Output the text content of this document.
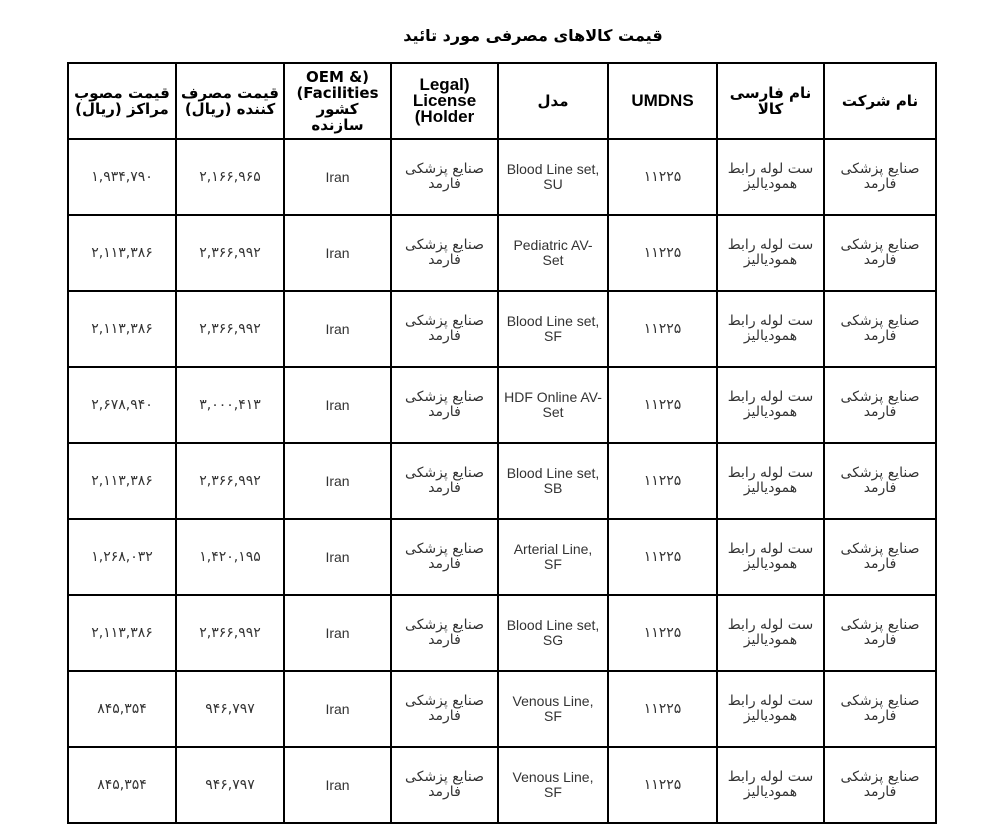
قیمت کالاهای مصرفی مورد تائید
قیمت مصوب مراکز (ریال)	قیمت مصرف کننده (ریال)	OEM &) (Facilities کشور سازنده	Legal) License (Holder	مدل	UMDNS	نام فارسی کالا	نام شرکت
۱,۹۳۴,۷۹۰	۲,۱۶۶,۹۶۵	Iran	صنایع پزشکی فارمد	Blood Line set, SU	۱۱۲۲۵	ست لوله رابط همودیالیز	صنایع پزشکی فارمد
۲,۱۱۳,۳۸۶	۲,۳۶۶,۹۹۲	Iran	صنایع پزشکی فارمد	Pediatric AV-Set	۱۱۲۲۵	ست لوله رابط همودیالیز	صنایع پزشکی فارمد
۲,۱۱۳,۳۸۶	۲,۳۶۶,۹۹۲	Iran	صنایع پزشکی فارمد	Blood Line set, SF	۱۱۲۲۵	ست لوله رابط همودیالیز	صنایع پزشکی فارمد
۲,۶۷۸,۹۴۰	۳,۰۰۰,۴۱۳	Iran	صنایع پزشکی فارمد	HDF Online AV-Set	۱۱۲۲۵	ست لوله رابط همودیالیز	صنایع پزشکی فارمد
۲,۱۱۳,۳۸۶	۲,۳۶۶,۹۹۲	Iran	صنایع پزشکی فارمد	Blood Line set, SB	۱۱۲۲۵	ست لوله رابط همودیالیز	صنایع پزشکی فارمد
۱,۲۶۸,۰۳۲	۱,۴۲۰,۱۹۵	Iran	صنایع پزشکی فارمد	Arterial Line, SF	۱۱۲۲۵	ست لوله رابط همودیالیز	صنایع پزشکی فارمد
۲,۱۱۳,۳۸۶	۲,۳۶۶,۹۹۲	Iran	صنایع پزشکی فارمد	Blood Line set, SG	۱۱۲۲۵	ست لوله رابط همودیالیز	صنایع پزشکی فارمد
۸۴۵,۳۵۴	۹۴۶,۷۹۷	Iran	صنایع پزشکی فارمد	Venous Line, SF	۱۱۲۲۵	ست لوله رابط همودیالیز	صنایع پزشکی فارمد
۸۴۵,۳۵۴	۹۴۶,۷۹۷	Iran	صنایع پزشکی فارمد	Venous Line, SF	۱۱۲۲۵	ست لوله رابط همودیالیز	صنایع پزشکی فارمد
